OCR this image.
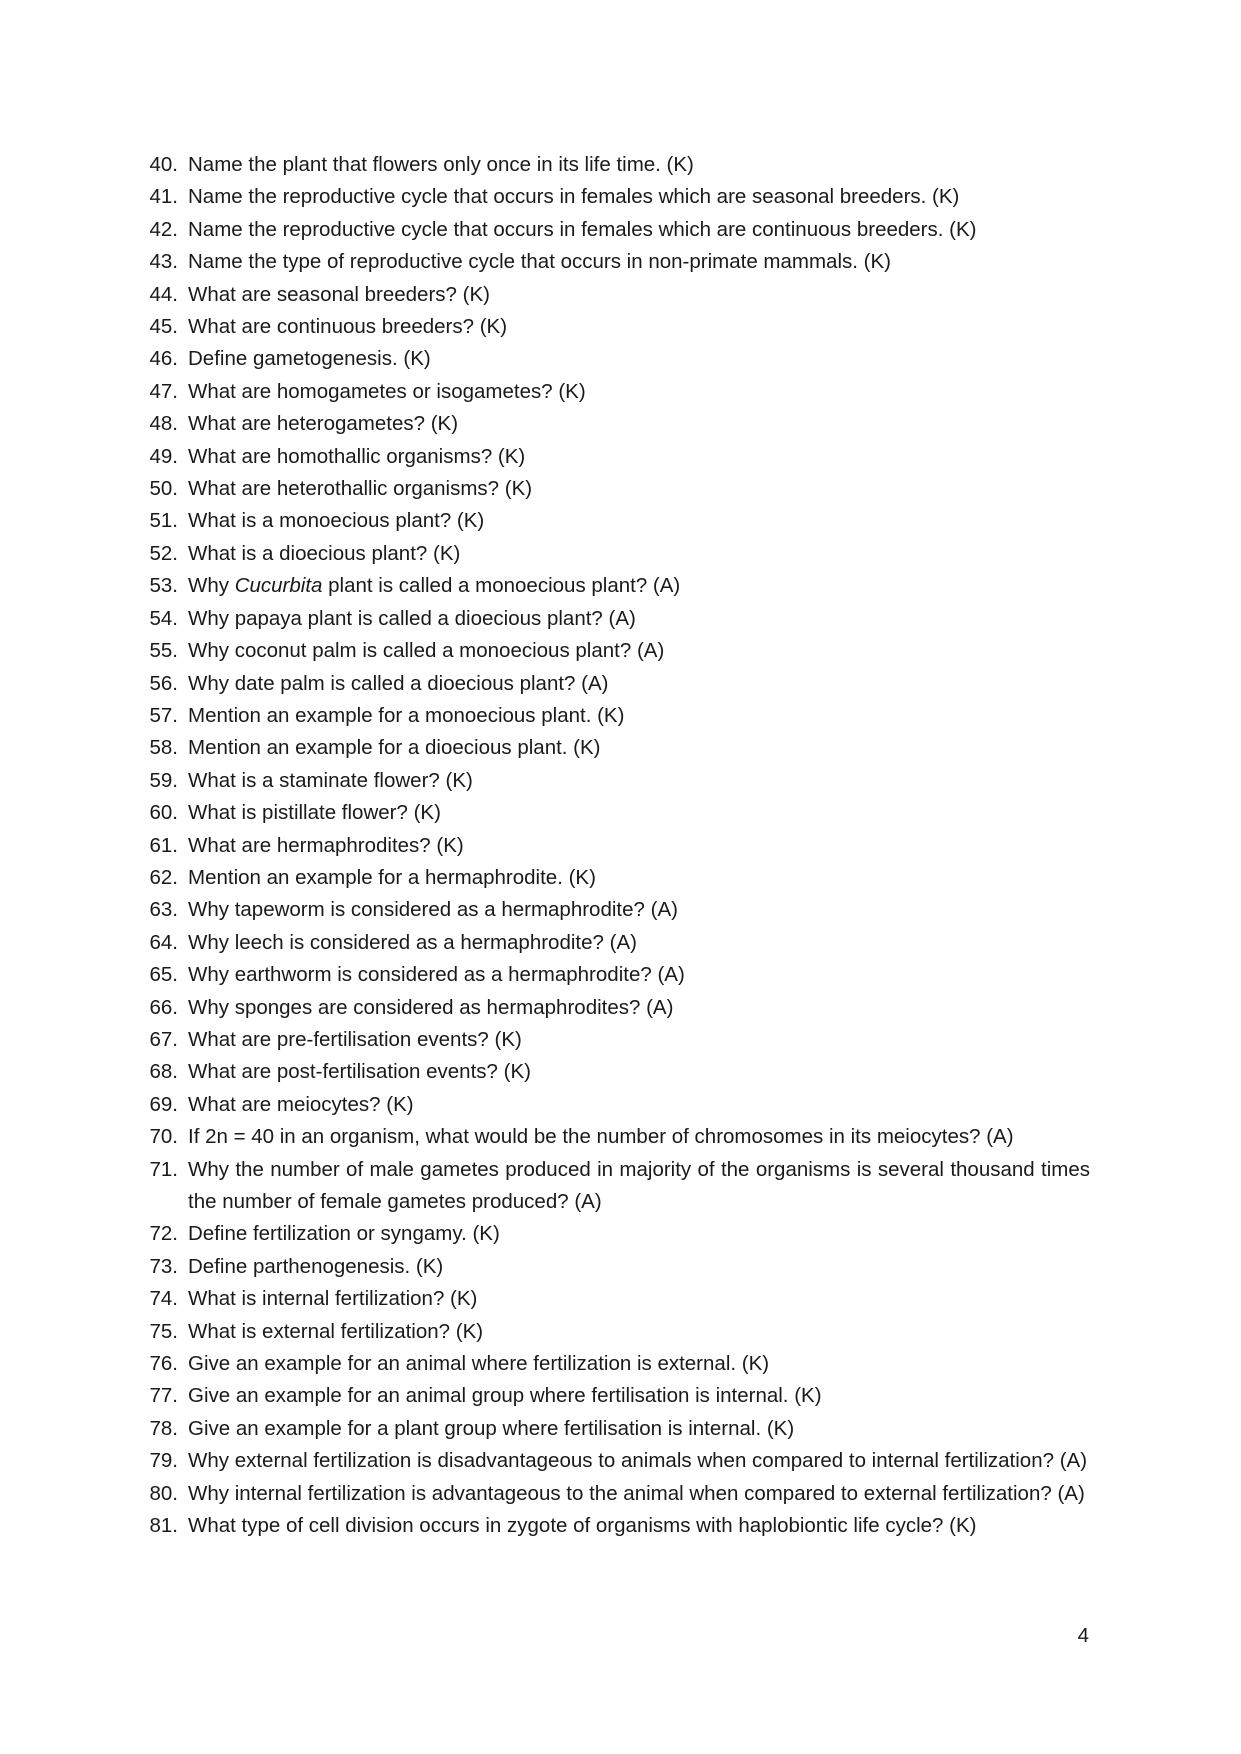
40. Name the plant that flowers only once in its life time. (K)
41. Name the reproductive cycle that occurs in females which are seasonal breeders. (K)
42. Name the reproductive cycle that occurs in females which are continuous breeders. (K)
43. Name the type of reproductive cycle that occurs in non-primate mammals. (K)
44. What are seasonal breeders? (K)
45. What are continuous breeders? (K)
46. Define gametogenesis. (K)
47. What are homogametes or isogametes? (K)
48. What are heterogametes? (K)
49. What are homothallic organisms? (K)
50. What are heterothallic organisms? (K)
51. What is a monoecious plant? (K)
52. What is a dioecious plant? (K)
53. Why Cucurbita plant is called a monoecious plant? (A)
54. Why papaya plant is called a dioecious plant? (A)
55. Why coconut palm is called a monoecious plant? (A)
56. Why date palm is called a dioecious plant? (A)
57. Mention an example for a monoecious plant. (K)
58. Mention an example for a dioecious plant. (K)
59. What is a staminate flower? (K)
60. What is pistillate flower? (K)
61. What are hermaphrodites? (K)
62. Mention an example for a hermaphrodite. (K)
63. Why tapeworm is considered as a hermaphrodite? (A)
64. Why leech is considered as a hermaphrodite? (A)
65. Why earthworm is considered as a hermaphrodite? (A)
66. Why sponges are considered as hermaphrodites? (A)
67. What are pre-fertilisation events? (K)
68. What are post-fertilisation events? (K)
69. What are meiocytes? (K)
70. If 2n = 40 in an organism, what would be the number of chromosomes in its meiocytes? (A)
71. Why the number of male gametes produced in majority of the organisms is several thousand times the number of female gametes produced? (A)
72. Define fertilization or syngamy. (K)
73. Define parthenogenesis. (K)
74. What is internal fertilization? (K)
75. What is external fertilization? (K)
76. Give an example for an animal where fertilization is external. (K)
77. Give an example for an animal group where fertilisation is internal. (K)
78. Give an example for a plant group where fertilisation is internal. (K)
79. Why external fertilization is disadvantageous to animals when compared to internal fertilization? (A)
80. Why internal fertilization is advantageous to the animal when compared to external fertilization? (A)
81. What type of cell division occurs in zygote of organisms with haplobiontic life cycle? (K)
4
